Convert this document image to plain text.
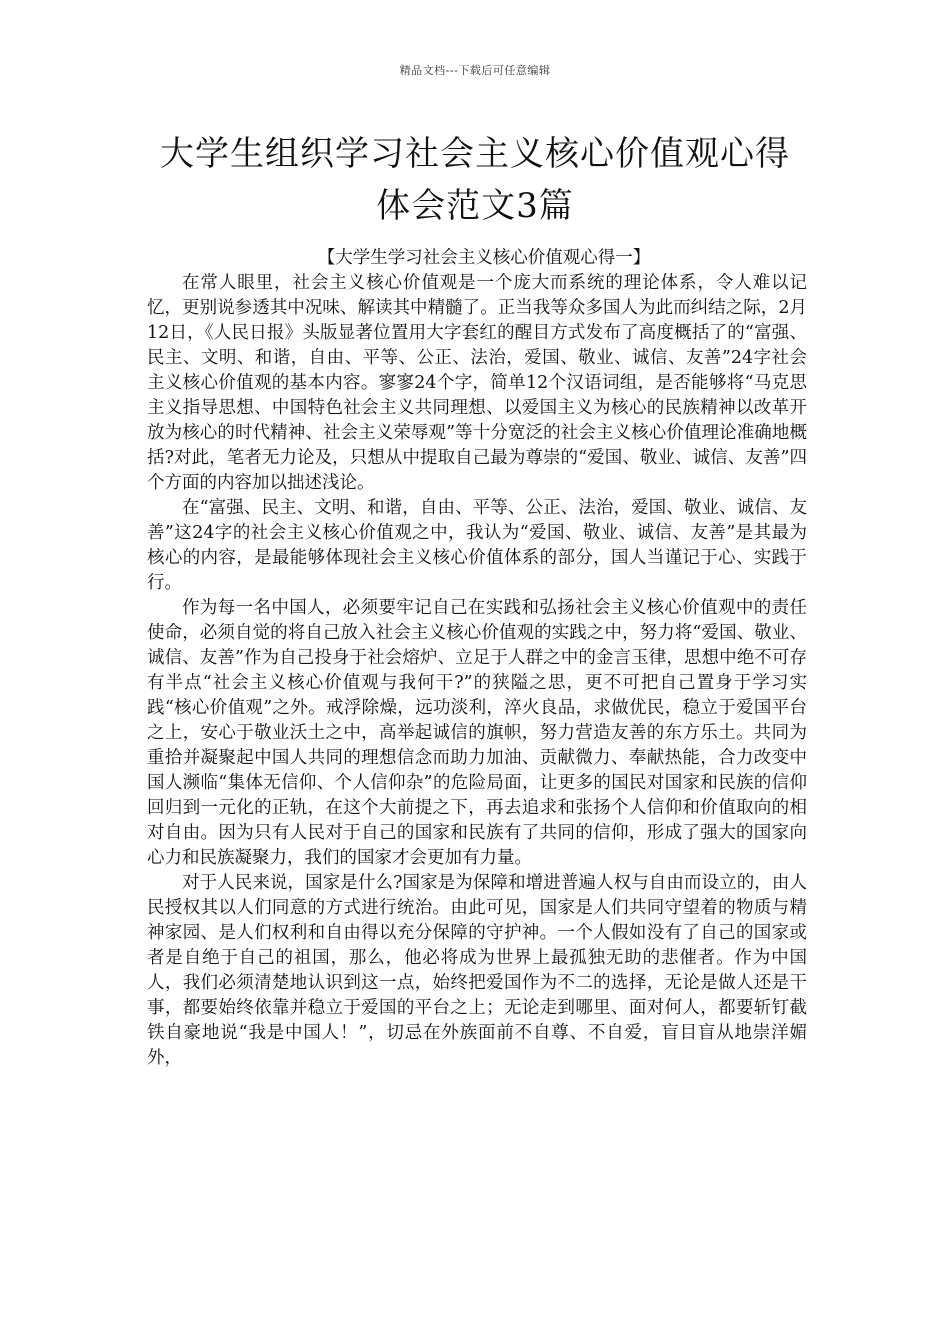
精品文档---下载后可任意编辑
大学生组织学习社会主义核心价值观心得
体会范文3篇

【大学生学习社会主义核心价值观心得一】

在常人眼里，社会主义核心价值观是一个庞大而系统的理论体系，令人难以记忆，更别说参透其中况味、解读其中精髓了。正当我等众多国人为此而纠结之际，2月12日，《人民日报》头版显著位置用大字套红的醒目方式发布了高度概括了的“富强、民主、文明、和谐，自由、平等、公正、法治，爱国、敬业、诚信、友善”24字社会主义核心价值观的基本内容。寥寥24个字，简单12个汉语词组，是否能够将“马克思主义指导思想、中国特色社会主义共同理想、以爱国主义为核心的民族精神以改革开放为核心的时代精神、社会主义荣辱观”等十分宽泛的社会主义核心价值理论准确地概括?对此，笔者无力论及，只想从中提取自己最为尊崇的“爱国、敬业、诚信、友善”四个方面的内容加以拙述浅论。

在“富强、民主、文明、和谐，自由、平等、公正、法治，爱国、敬业、诚信、友善”这24字的社会主义核心价值观之中，我认为“爱国、敬业、诚信、友善”是其最为核心的内容，是最能够体现社会主义核心价值体系的部分，国人当谨记于心、实践于行。

作为每一名中国人，必须要牢记自己在实践和弘扬社会主义核心价值观中的责任使命，必须自觉的将自己放入社会主义核心价值观的实践之中，努力将“爱国、敬业、诚信、友善”作为自己投身于社会熔炉、立足于人群之中的金言玉律，思想中绝不可存有半点“社会主义核心价值观与我何干?”的狭隘之思，更不可把自己置身于学习实践“核心价值观”之外。戒浮除燥，远功淡利，淬火良品，求做优民，稳立于爱国平台之上，安心于敬业沃土之中，高举起诚信的旗帜，努力营造友善的东方乐土。共同为重拾并凝聚起中国人共同的理想信念而助力加油、贡献微力、奉献热能，合力改变中国人濒临“集体无信仰、个人信仰杂”的危险局面，让更多的国民对国家和民族的信仰回归到一元化的正轨，在这个大前提之下，再去追求和张扬个人信仰和价值取向的相对自由。因为只有人民对于自己的国家和民族有了共同的信仰，形成了强大的国家向心力和民族凝聚力，我们的国家才会更加有力量。

对于人民来说，国家是什么?国家是为保障和增进普遍人权与自由而设立的，由人民授权其以人们同意的方式进行统治。由此可见，国家是人们共同守望着的物质与精神家园、是人们权利和自由得以充分保障的守护神。一个人假如没有了自己的国家或者是自绝于自己的祖国，那么，他必将成为世界上最孤独无助的悲催者。作为中国人，我们必须清楚地认识到这一点，始终把爱国作为不二的选择，无论是做人还是干事，都要始终依靠并稳立于爱国的平台之上；无论走到哪里、面对何人，都要斩钉截铁自豪地说“我是中国人！”，切忌在外族面前不自尊、不自爱，盲目盲从地崇洋媚外，
